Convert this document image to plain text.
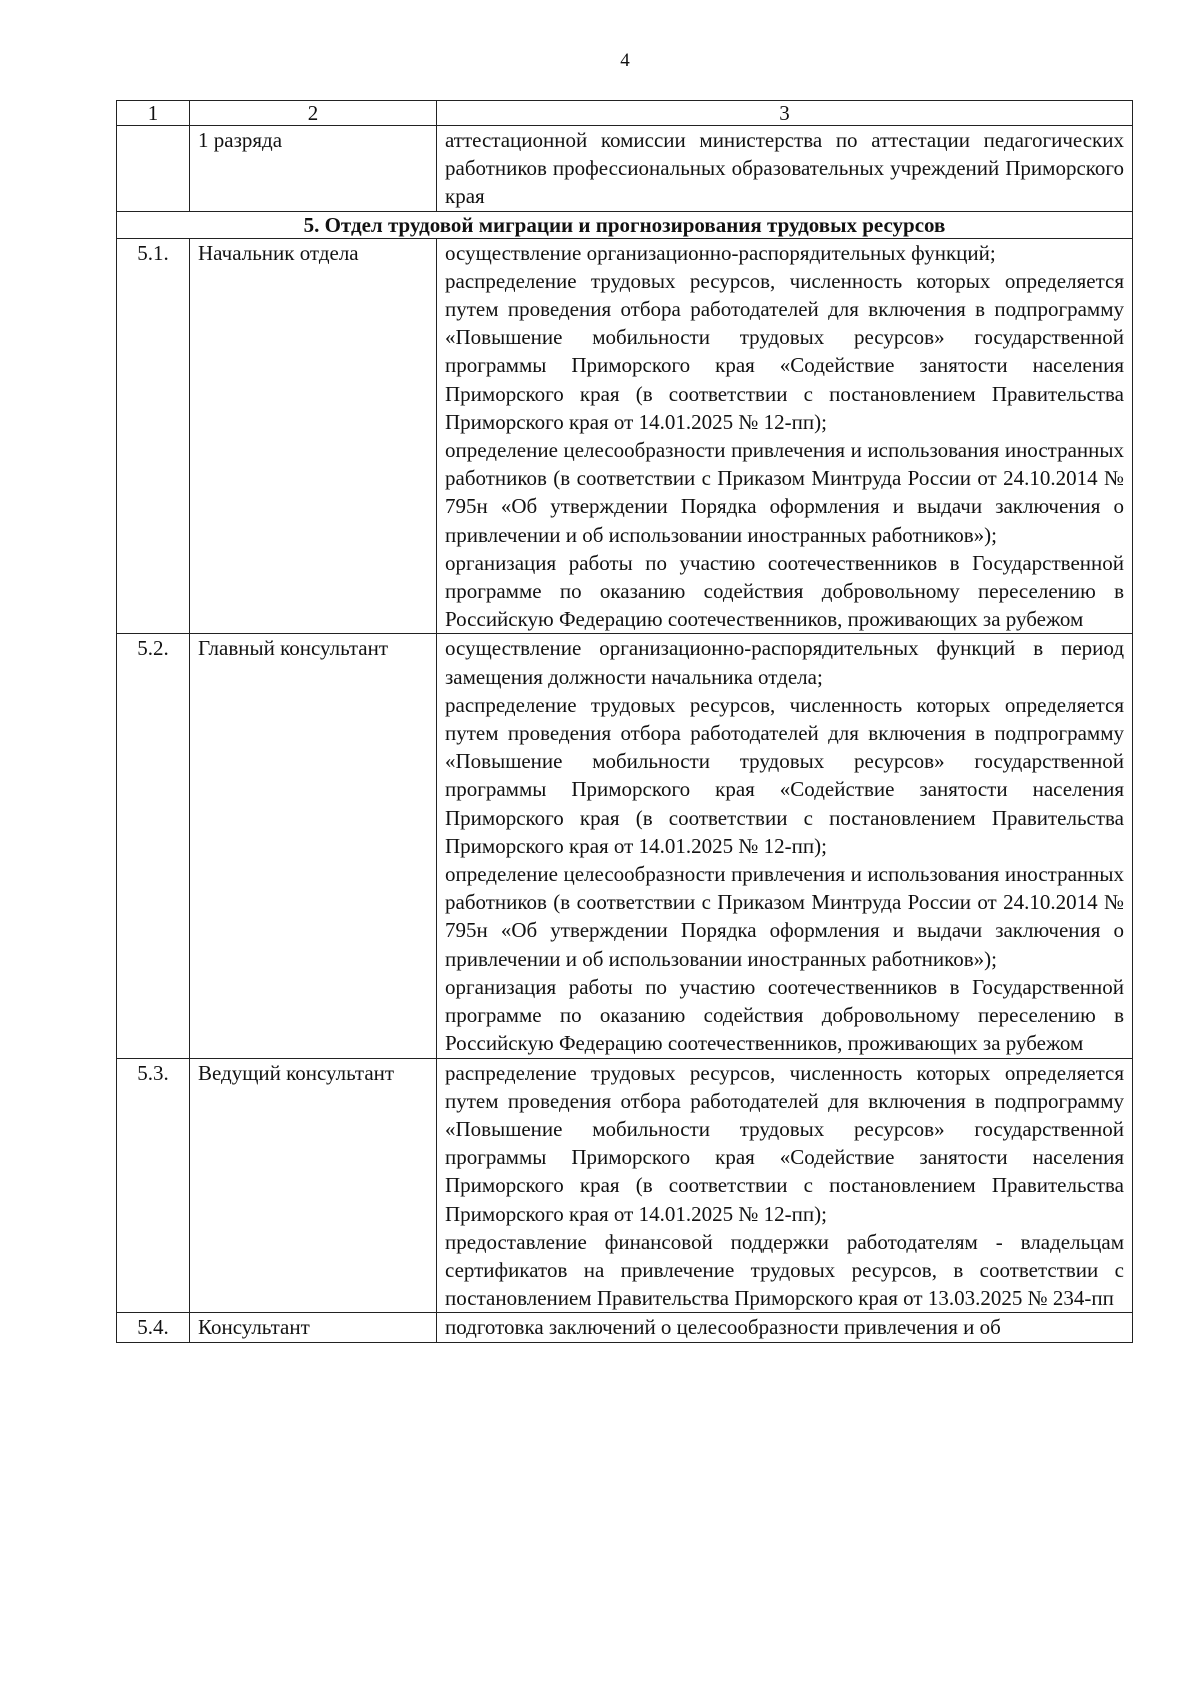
4
1	2	3
	1 разряда	аттестационной комиссии министерства по аттестации педагогических работников профессиональных образовательных учреждений Приморского края

5. Отдел трудовой миграции и прогнозирования трудовых ресурсов		
5.1.	Начальник отдела	осуществление организационно-распорядительных функций;

распределение трудовых ресурсов, численность которых определяется путем проведения отбора работодателей для включения в подпрограмму «Повышение мобильности трудовых ресурсов» государственной программы Приморского края «Содействие занятости населения Приморского края (в соответствии с постановлением Правительства Приморского края от 14.01.2025 № 12-пп);

определение целесообразности привлечения и использования иностранных работников (в соответствии с Приказом Минтруда России от 24.10.2014 № 795н «Об утверждении Порядка оформления и выдачи заключения о привлечении и об использовании иностранных работников»);

организация работы по участию соотечественников в Государственной программе по оказанию содействия добровольному переселению в Российскую Федерацию соотечественников, проживающих за рубежом

5.2.	Главный консультант	осуществление организационно-распорядительных функций в период замещения должности начальника отдела;

распределение трудовых ресурсов, численность которых определяется путем проведения отбора работодателей для включения в подпрограмму «Повышение мобильности трудовых ресурсов» государственной программы Приморского края «Содействие занятости населения Приморского края (в соответствии с постановлением Правительства Приморского края от 14.01.2025 № 12-пп);

определение целесообразности привлечения и использования иностранных работников (в соответствии с Приказом Минтруда России от 24.10.2014 № 795н «Об утверждении Порядка оформления и выдачи заключения о привлечении и об использовании иностранных работников»);

организация работы по участию соотечественников в Государственной программе по оказанию содействия добровольному переселению в Российскую Федерацию соотечественников, проживающих за рубежом

5.3.	Ведущий консультант	распределение трудовых ресурсов, численность которых определяется путем проведения отбора работодателей для включения в подпрограмму «Повышение мобильности трудовых ресурсов» государственной программы Приморского края «Содействие занятости населения Приморского края (в соответствии с постановлением Правительства Приморского края от 14.01.2025 № 12-пп);

предоставление финансовой поддержки работодателям - владельцам сертификатов на привлечение трудовых ресурсов, в соответствии с постановлением Правительства Приморского края от 13.03.2025 № 234-пп

5.4.	Консультант	подготовка заключений о целесообразности привлечения и об
